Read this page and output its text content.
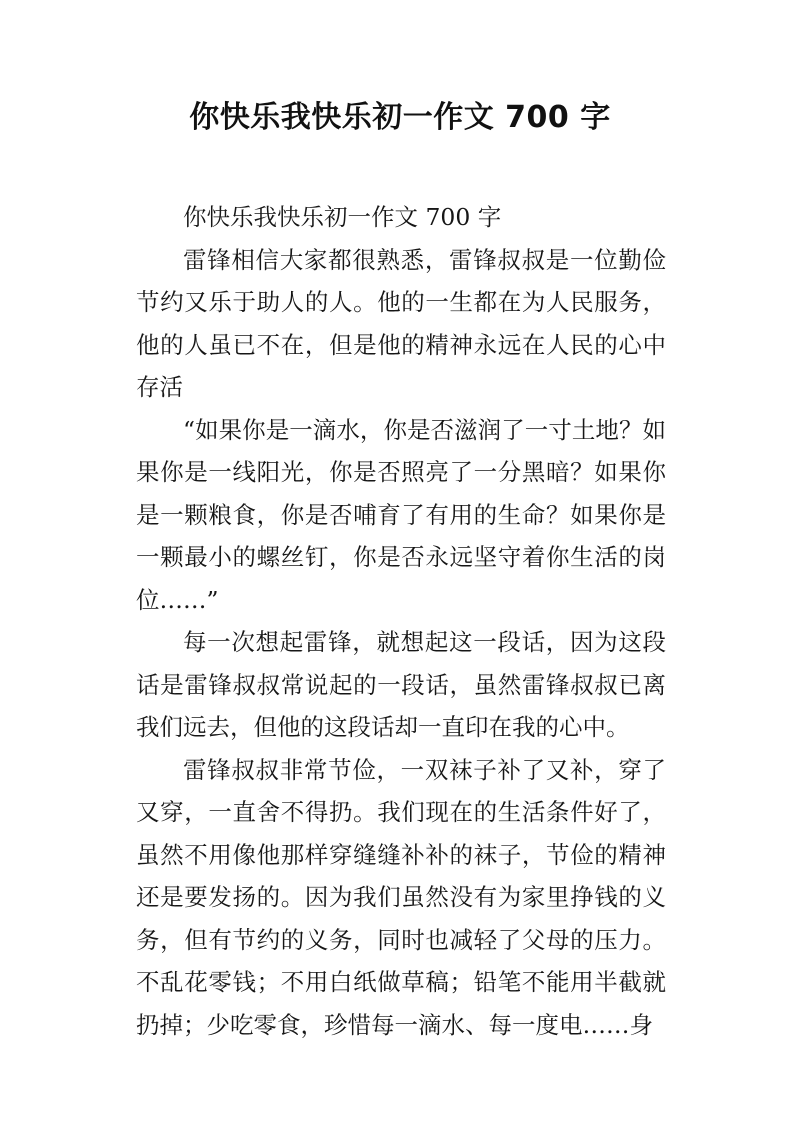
你快乐我快乐初一作文 700 字

你快乐我快乐初一作文 700 字

雷锋相信大家都很熟悉，雷锋叔叔是一位勤俭节约又乐于助人的人。他的一生都在为人民服务，他的人虽已不在，但是他的精神永远在人民的心中存活

“如果你是一滴水，你是否滋润了一寸土地？如果你是一线阳光，你是否照亮了一分黑暗？如果你是一颗粮食，你是否哺育了有用的生命？如果你是一颗最小的螺丝钉，你是否永远坚守着你生活的岗位……”

每一次想起雷锋，就想起这一段话，因为这段话是雷锋叔叔常说起的一段话，虽然雷锋叔叔已离我们远去，但他的这段话却一直印在我的心中。

雷锋叔叔非常节俭，一双袜子补了又补，穿了又穿，一直舍不得扔。我们现在的生活条件好了，虽然不用像他那样穿缝缝补补的袜子，节俭的精神还是要发扬的。因为我们虽然没有为家里挣钱的义务，但有节约的义务，同时也减轻了父母的压力。不乱花零钱；不用白纸做草稿；铅笔不能用半截就扔掉；少吃零食，珍惜每一滴水、每一度电……身
